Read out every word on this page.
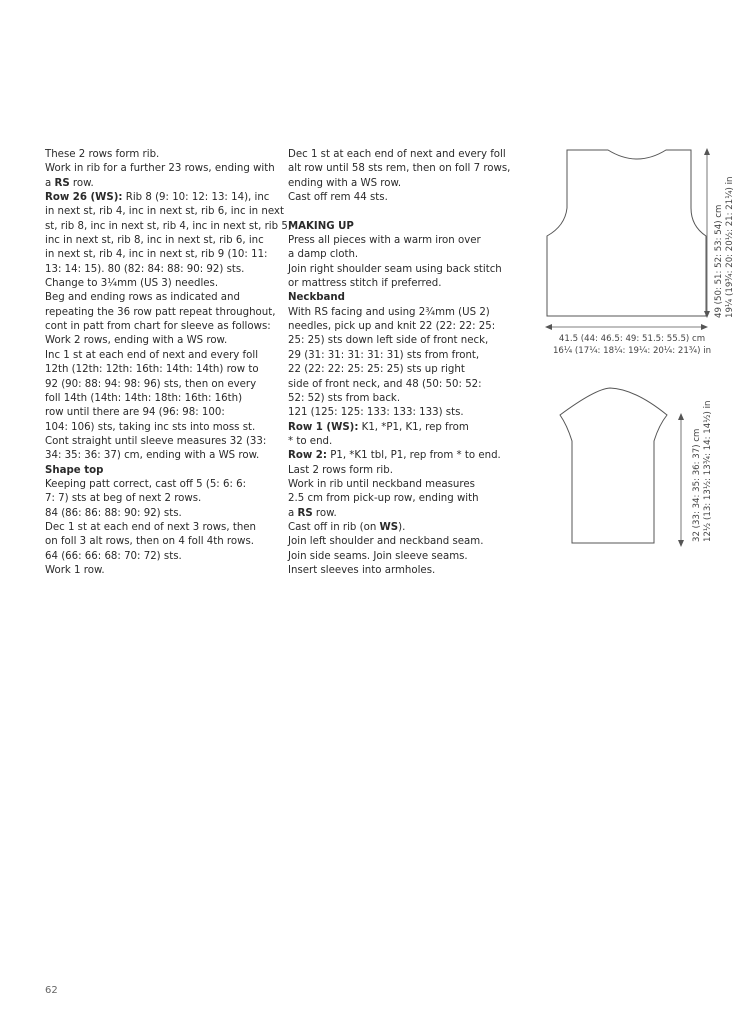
These 2 rows form rib.

Work in rib for a further 23 rows, ending with

a RS row.

Row 26 (WS): Rib 8 (9: 10: 12: 13: 14), inc

in next st, rib 4, inc in next st, rib 6, inc in next

st, rib 8, inc in next st, rib 4, inc in next st, rib 5,

inc in next st, rib 8, inc in next st, rib 6, inc

in next st, rib 4, inc in next st, rib 9 (10: 11:

13: 14: 15). 80 (82: 84: 88: 90: 92) sts.

Change to 3¼mm (US 3) needles.

Beg and ending rows as indicated and

repeating the 36 row patt repeat throughout,

cont in patt from chart for sleeve as follows:

Work 2 rows, ending with a WS row.

Inc 1 st at each end of next and every foll

12th (12th: 12th: 16th: 14th: 14th) row to

92 (90: 88: 94: 98: 96) sts, then on every

foll 14th (14th: 14th: 18th: 16th: 16th)

row until there are 94 (96: 98: 100:

104: 106) sts, taking inc sts into moss st.

Cont straight until sleeve measures 32 (33:

34: 35: 36: 37) cm, ending with a WS row.

Shape top

Keeping patt correct, cast off 5 (5: 6: 6:

7: 7) sts at beg of next 2 rows.

84 (86: 86: 88: 90: 92) sts.

Dec 1 st at each end of next 3 rows, then

on foll 3 alt rows, then on 4 foll 4th rows.

64 (66: 66: 68: 70: 72) sts.

Work 1 row.

Dec 1 st at each end of next and every foll

alt row until 58 sts rem, then on foll 7 rows,

ending with a WS row.

Cast off rem 44 sts.

MAKING UP

Press all pieces with a warm iron over

a damp cloth.

Join right shoulder seam using back stitch

or mattress stitch if preferred.

Neckband

With RS facing and using 2¾mm (US 2)

needles, pick up and knit 22 (22: 22: 25:

25: 25) sts down left side of front neck,

29 (31: 31: 31: 31: 31) sts from front,

22 (22: 22: 25: 25: 25) sts up right

side of front neck, and 48 (50: 50: 52:

52: 52) sts from back.

121 (125: 125: 133: 133: 133) sts.

Row 1 (WS): K1, *P1, K1, rep from

* to end.

Row 2: P1, *K1 tbl, P1, rep from * to end.

Last 2 rows form rib.

Work in rib until neckband measures

2.5 cm from pick-up row, ending with

a RS row.

Cast off in rib (on WS).

Join left shoulder and neckband seam.

Join side seams. Join sleeve seams.

Insert sleeves into armholes.

41.5 (44: 46.5: 49: 51.5: 55.5) cm

16¼ (17¼: 18¼: 19¼: 20¼: 21¾) in

49 (50: 51: 52: 53: 54) cm 19¼ (19¾: 20: 20½: 21: 21¼) in

32 (33: 34: 35: 36: 37) cm 12½ (13: 13½: 13¾: 14: 14½) in

62
